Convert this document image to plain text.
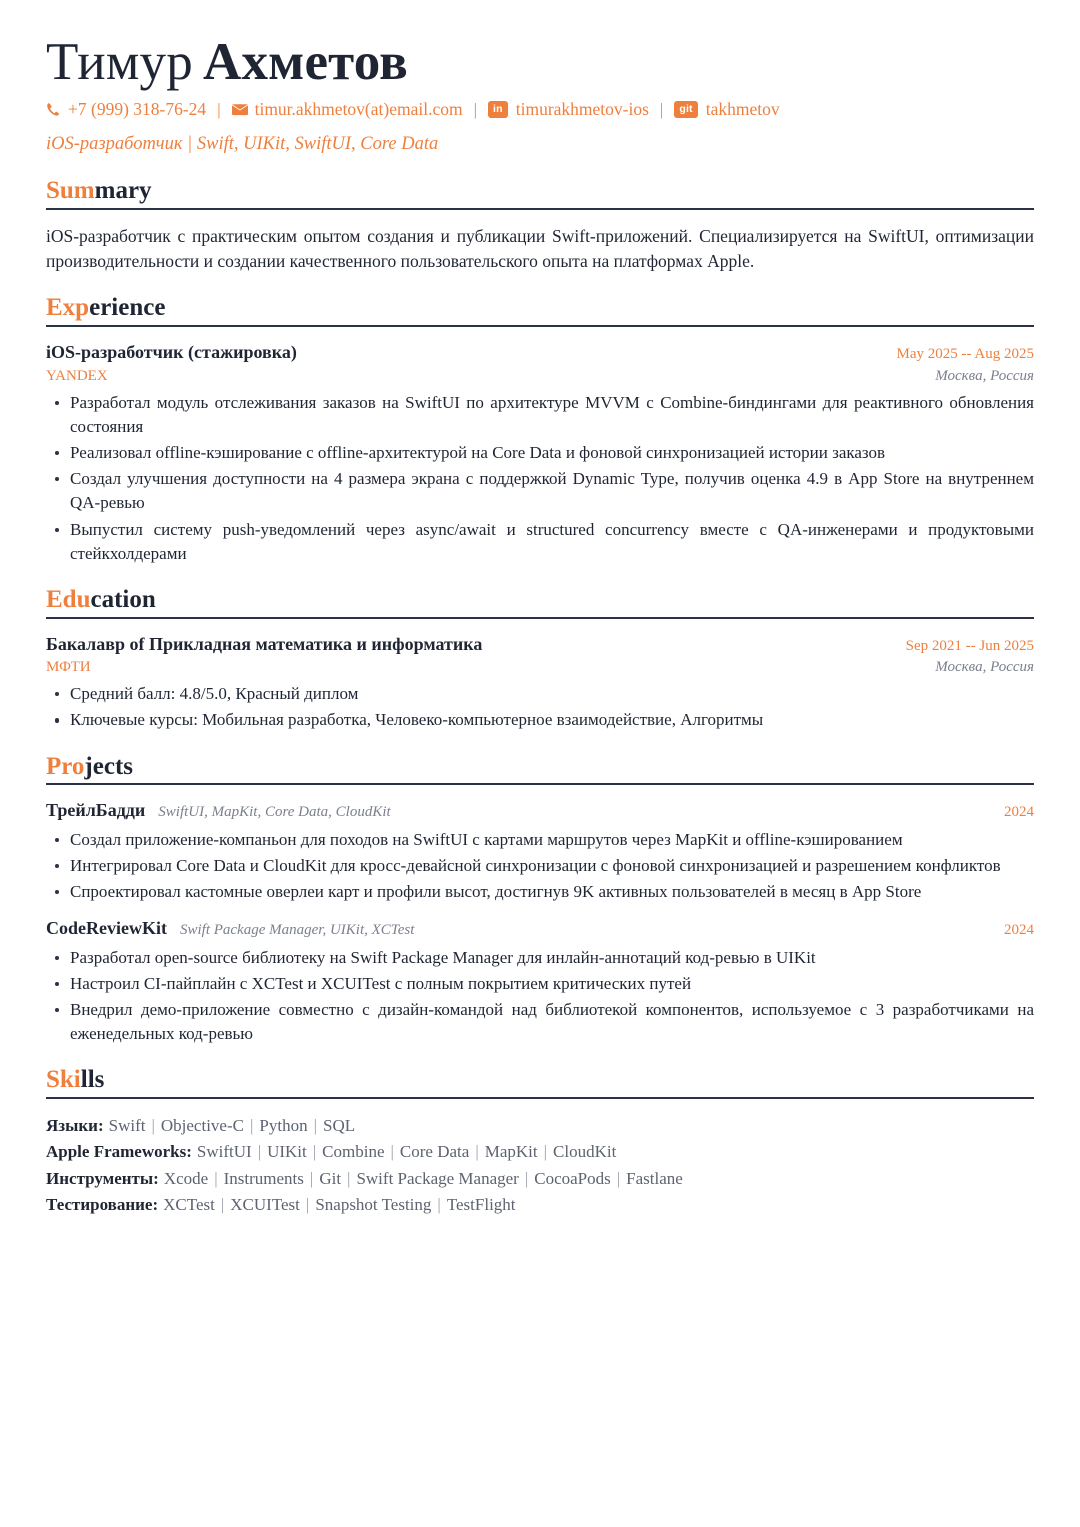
Тимур Ахметов
+7 (999) 318-76-24 |	timur.akhmetov(at)email.com |	in timurakhmetov-ios |	git takhmetov
iOS-разработчик | Swift, UIKit, SwiftUI, Core Data
Summary

iOS-разработчик с практическим опытом создания и публикации Swift-приложений. Специализируется на SwiftUI, оптимизации производительности и создании качественного пользовательского опыта на платформах Apple.

Experience
iOS-разработчик (стажировка)	May 2025 -- Aug 2025
YANDEX	Москва, Россия
Разработал модуль отслеживания заказов на SwiftUI по архитектуре MVVM с Combine-биндингами для реактивного обновления состояния
Реализовал offline-кэширование с offline-архитектурой на Core Data и фоновой синхронизацией истории заказов
Создал улучшения доступности на 4 размера экрана с поддержкой Dynamic Type, получив оценка 4.9 в App Store на внутреннем QA-ревью
Выпустил систему push-уведомлений через async/await и structured concurrency вместе с QA-инженерами и продуктовыми стейкхолдерами
Education
Бакалавр of Прикладная математика и информатика	Sep 2021 -- Jun 2025
МФТИ	Москва, Россия
Средний балл: 4.8/5.0, Красный диплом
Ключевые курсы: Мобильная разработка, Человеко-компьютерное взаимодействие, Алгоритмы
Projects
ТрейлБадди SwiftUI, MapKit, Core Data, CloudKit	2024
Создал приложение-компаньон для походов на SwiftUI с картами маршрутов через MapKit и offline-кэшированием
Интегрировал Core Data и CloudKit для кросс-девайсной синхронизации с фоновой синхронизацией и разрешением конфликтов
Спроектировал кастомные оверлеи карт и профили высот, достигнув 9K активных пользователей в месяц в App Store
CodeReviewKit Swift Package Manager, UIKit, XCTest	2024
Разработал open-source библиотеку на Swift Package Manager для инлайн-аннотаций код-ревью в UIKit
Настроил CI-пайплайн с XCTest и XCUITest с полным покрытием критических путей
Внедрил демо-приложение совместно с дизайн-командой над библиотекой компонентов, используемое с 3 разработчиками на еженедельных код-ревью
Skills
Языки: Swift | Objective-C | Python | SQL
Apple Frameworks: SwiftUI | UIKit | Combine | Core Data | MapKit | CloudKit
Инструменты: Xcode | Instruments | Git | Swift Package Manager | CocoaPods | Fastlane
Тестирование: XCTest | XCUITest | Snapshot Testing | TestFlight
